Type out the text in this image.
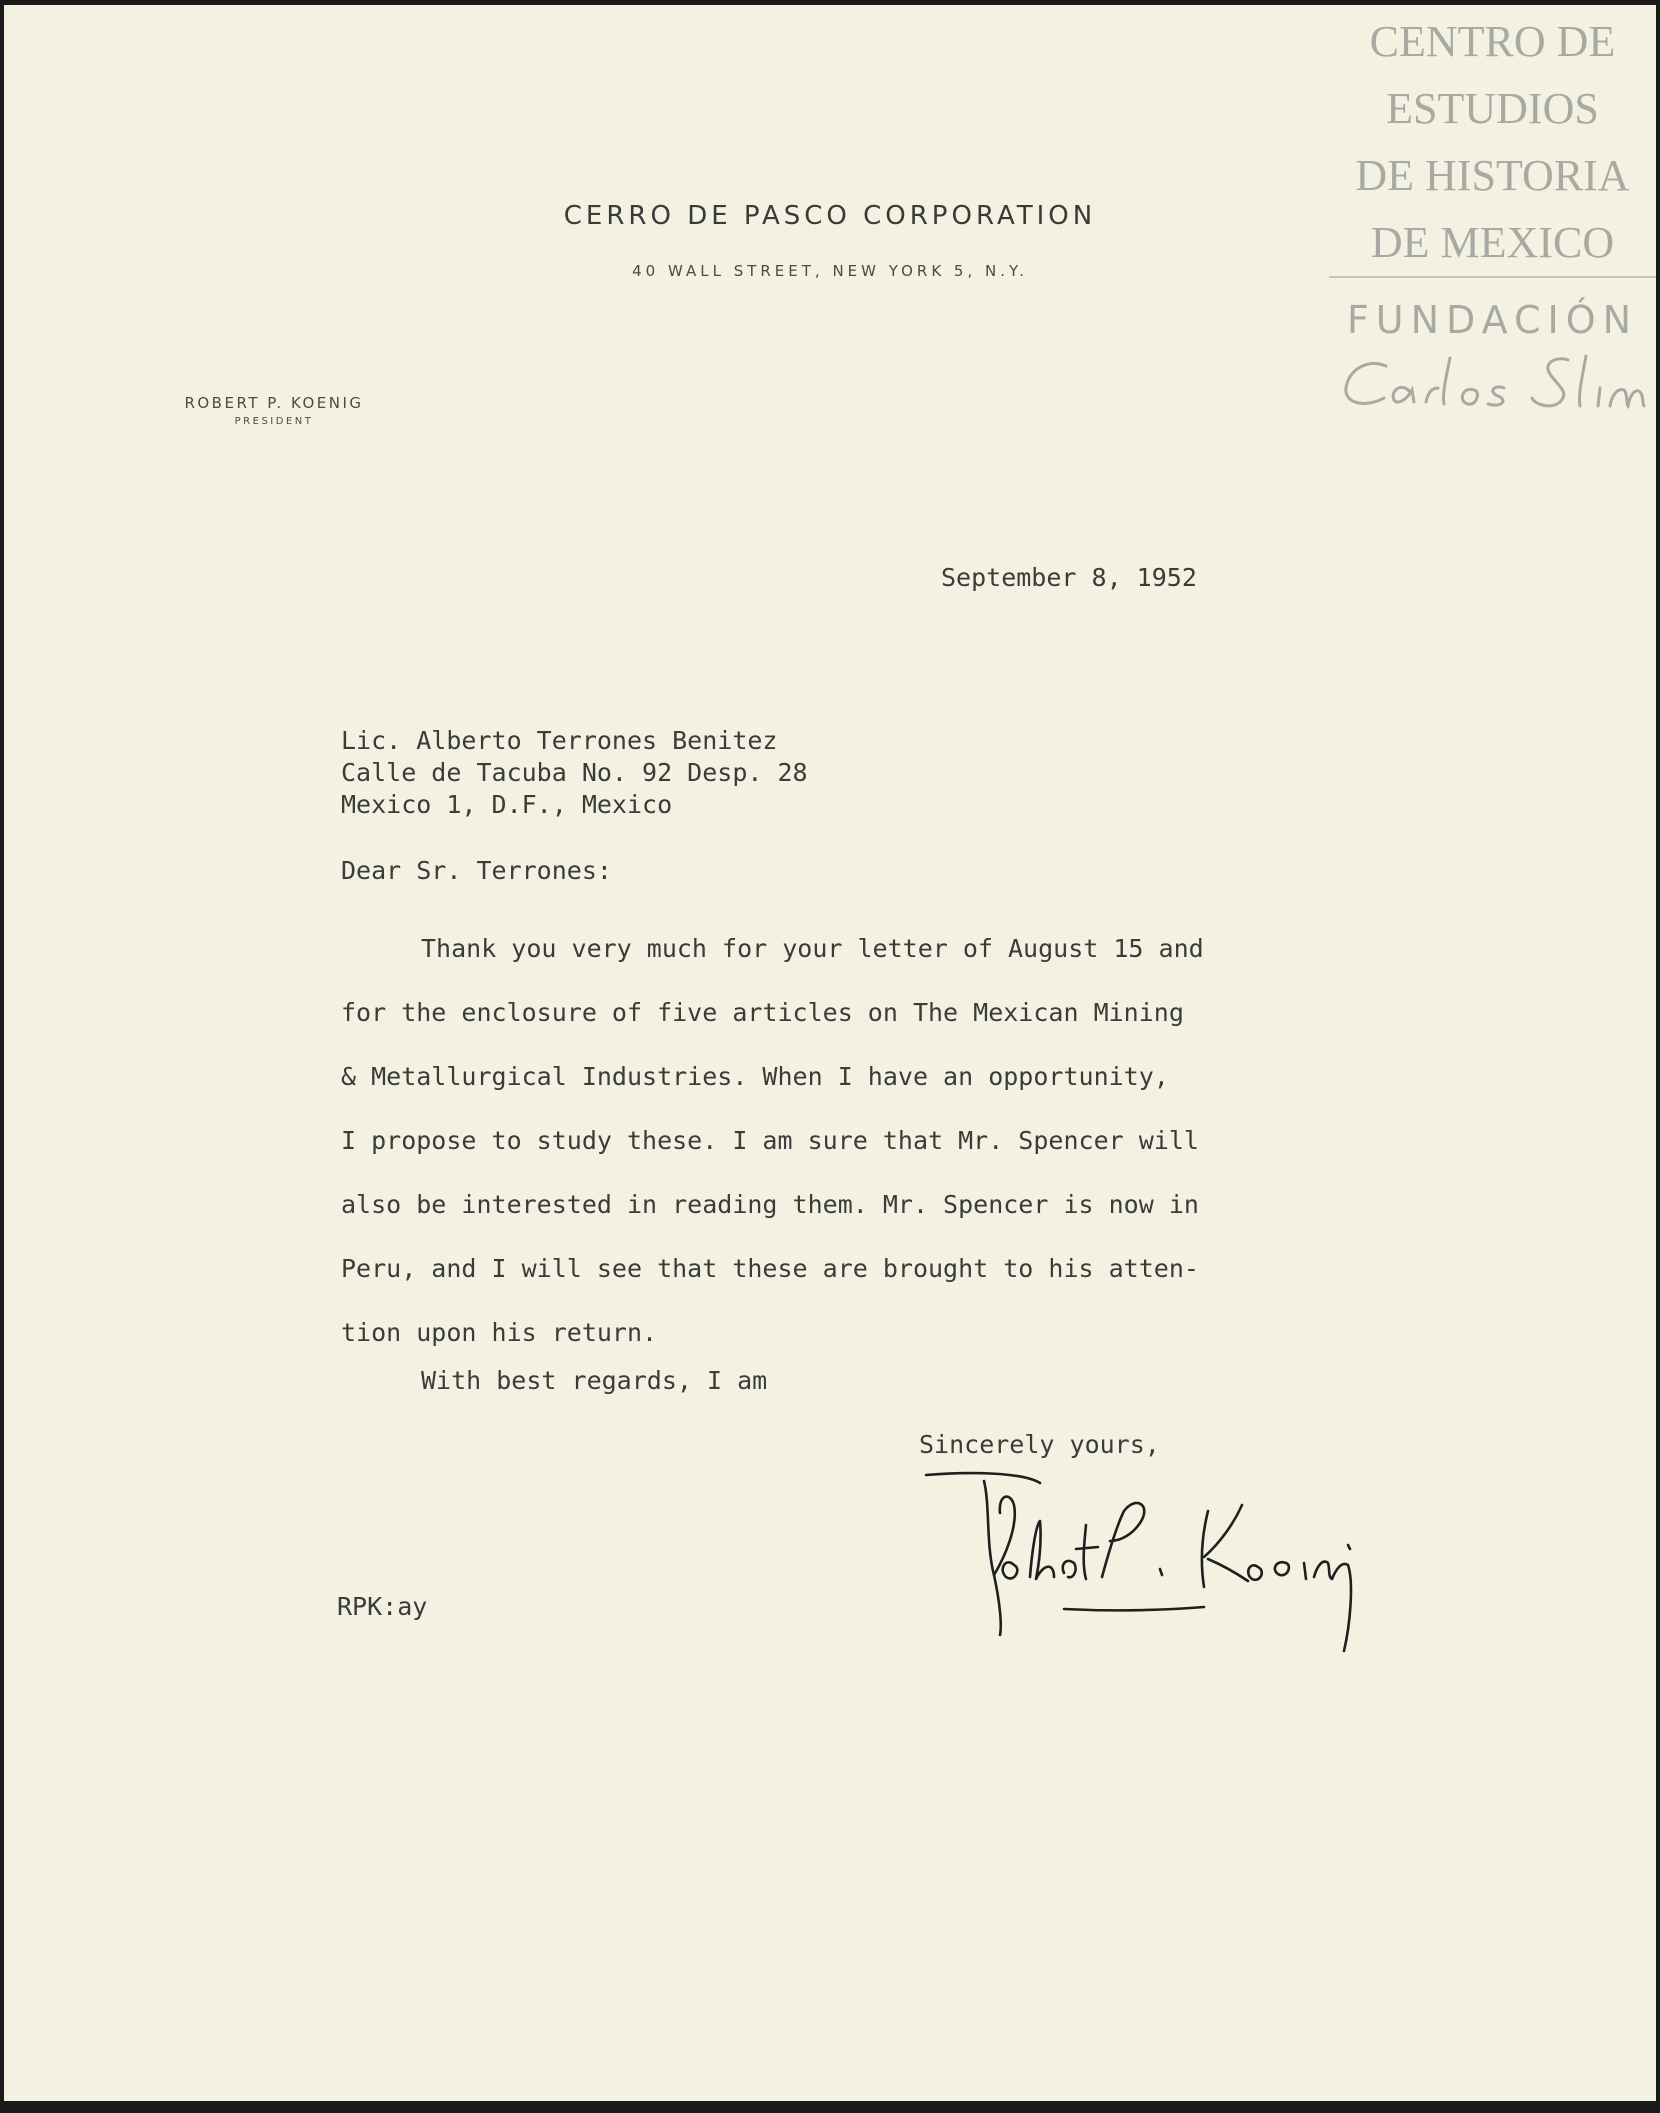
CERRO DE PASCO CORPORATION
40 WALL STREET, NEW YORK 5, N.Y.
ROBERT P. KOENIG
PRESIDENT
CENTRO DE
ESTUDIOS
DE HISTORIA
DE MEXICO
FUNDACIÓN
September 8, 1952
Lic. Alberto Terrones Benitez
Calle de Tacuba No. 92 Desp. 28
Mexico 1, D.F., Mexico
Dear Sr. Terrones:
Thank you very much for your letter of August 15 and
for the enclosure of five articles on The Mexican Mining
& Metallurgical Industries. When I have an opportunity,
I propose to study these. I am sure that Mr. Spencer will
also be interested in reading them. Mr. Spencer is now in
Peru, and I will see that these are brought to his atten-
tion upon his return.
With best regards, I am
Sincerely yours,
RPK:ay
